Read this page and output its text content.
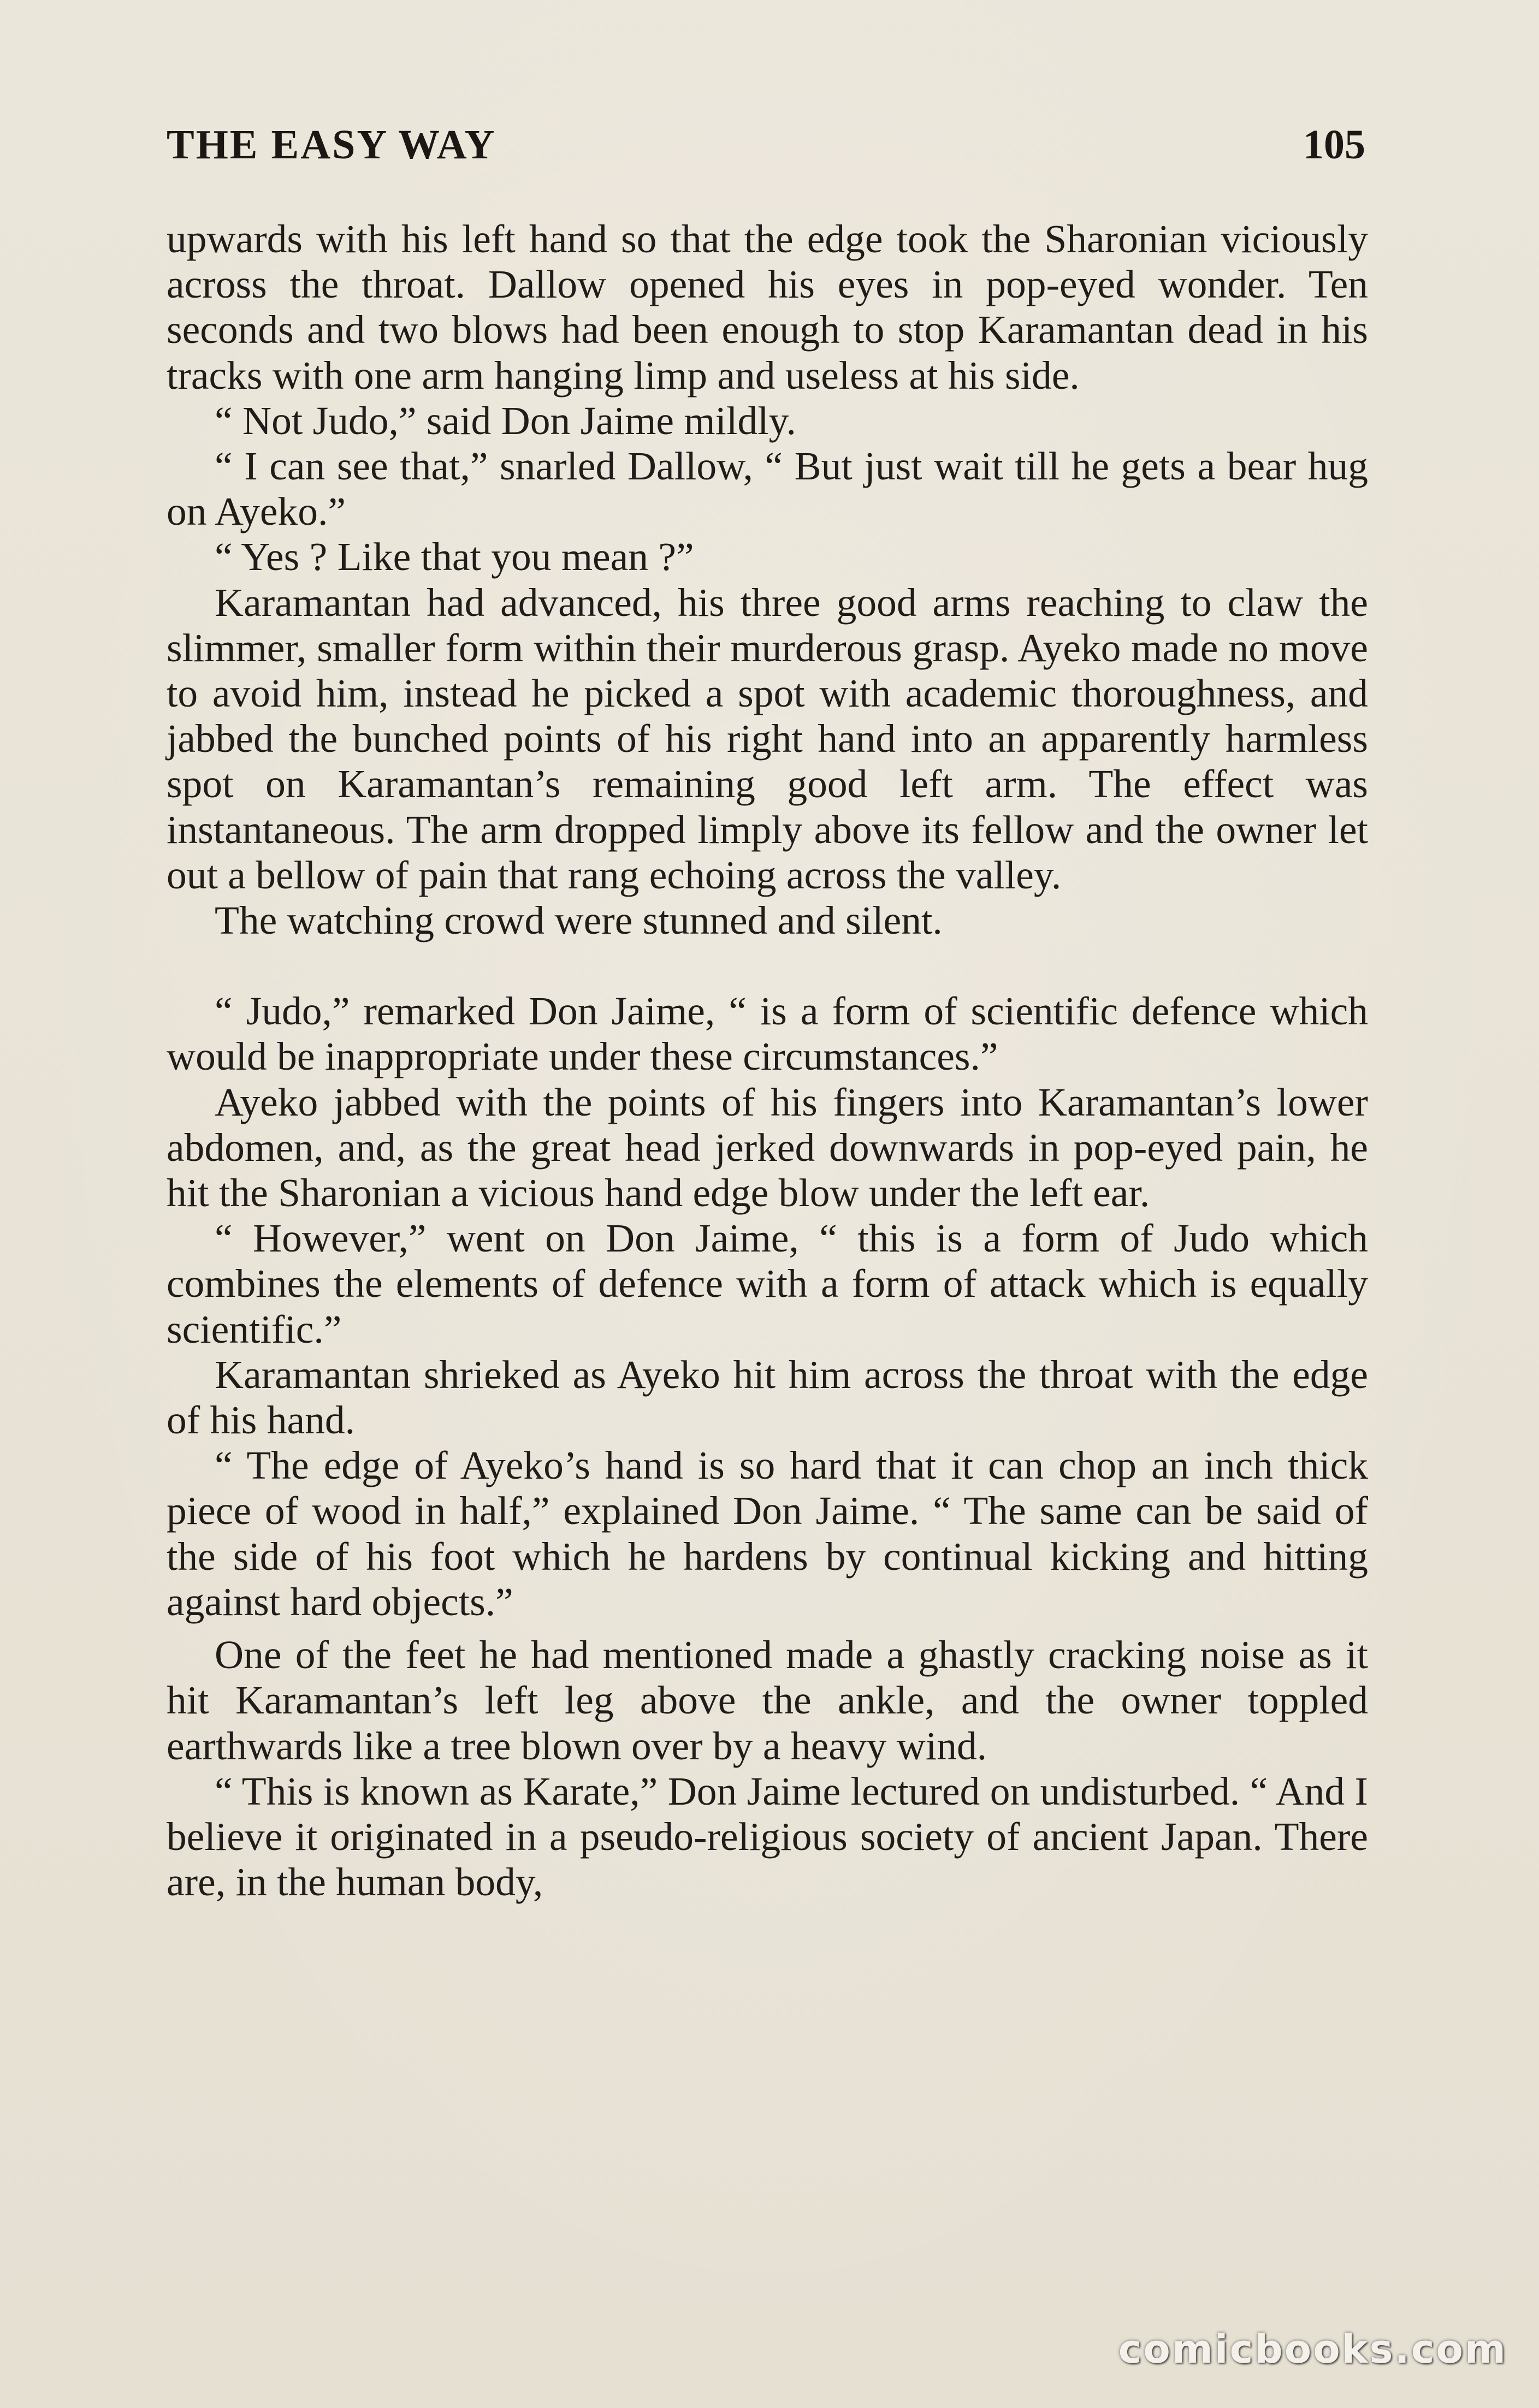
THE EASY WAY	105

upwards with his left hand so that the edge took the Sharonian viciously across the throat. Dallow opened his eyes in pop-eyed wonder. Ten seconds and two blows had been enough to stop Karamantan dead in his tracks with one arm hanging limp and useless at his side.

“ Not Judo,” said Don Jaime mildly.

“ I can see that,” snarled Dallow, “ But just wait till he gets a bear hug on Ayeko.”

“ Yes ? Like that you mean ?”

Karamantan had advanced, his three good arms reaching to claw the slimmer, smaller form within their murderous grasp. Ayeko made no move to avoid him, instead he picked a spot with academic thoroughness, and jabbed the bunched points of his right hand into an apparently harmless spot on Karamantan’s remaining good left arm. The effect was instantaneous. The arm dropped limply above its fellow and the owner let out a bellow of pain that rang echoing across the valley.

The watching crowd were stunned and silent.

“ Judo,” remarked Don Jaime, “ is a form of scientific defence which would be inappropriate under these circumstances.”

Ayeko jabbed with the points of his fingers into Karamantan’s lower abdomen, and, as the great head jerked downwards in pop-eyed pain, he hit the Sharonian a vicious hand edge blow under the left ear.

“ However,” went on Don Jaime, “ this is a form of Judo which combines the elements of defence with a form of attack which is equally scientific.”

Karamantan shrieked as Ayeko hit him across the throat with the edge of his hand.

“ The edge of Ayeko’s hand is so hard that it can chop an inch thick piece of wood in half,” explained Don Jaime. “ The same can be said of the side of his foot which he hardens by continual kicking and hitting against hard objects.”

One of the feet he had mentioned made a ghastly cracking noise as it hit Karamantan’s left leg above the ankle, and the owner toppled earthwards like a tree blown over by a heavy wind.

“ This is known as Karate,” Don Jaime lectured on undisturbed. “ And I believe it originated in a pseudo-religious society of ancient Japan. There are, in the human body,

comicbooks.com
